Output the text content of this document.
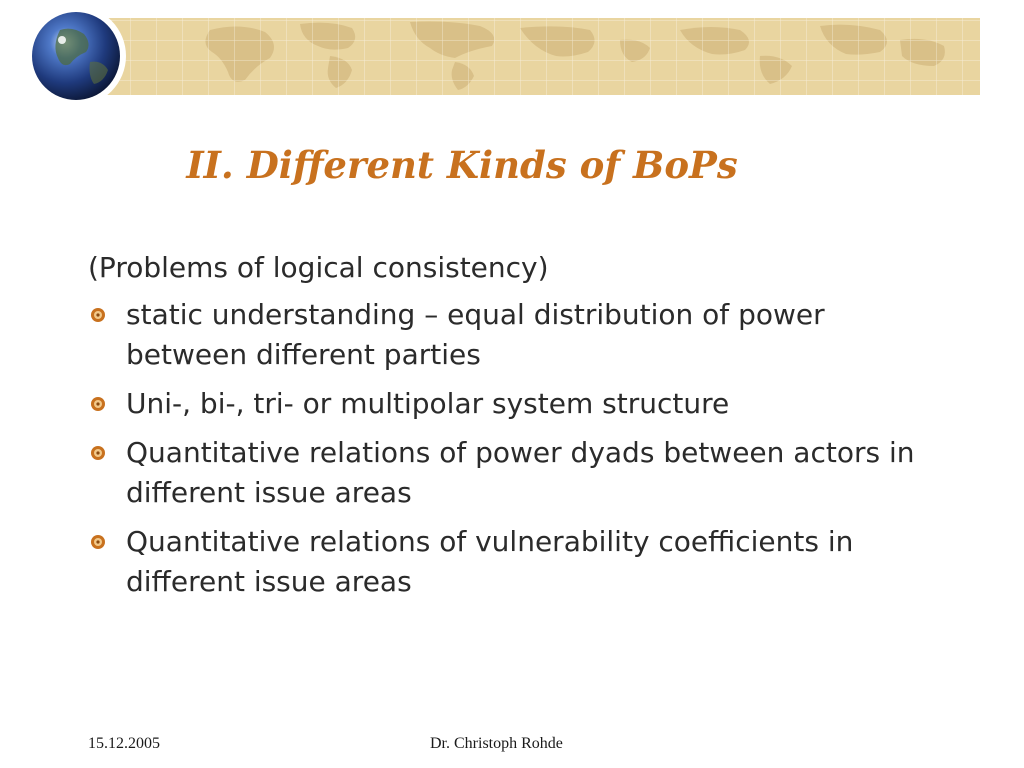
II. Different Kinds of BoPs

(Problems of logical consistency)

static understanding – equal distribution of power between different parties

Uni-, bi-, tri- or multipolar system structure

Quantitative relations of power dyads between actors in different issue areas

Quantitative relations of vulnerability coefficients in different issue areas

15.12.2005	Dr. Christoph Rohde
